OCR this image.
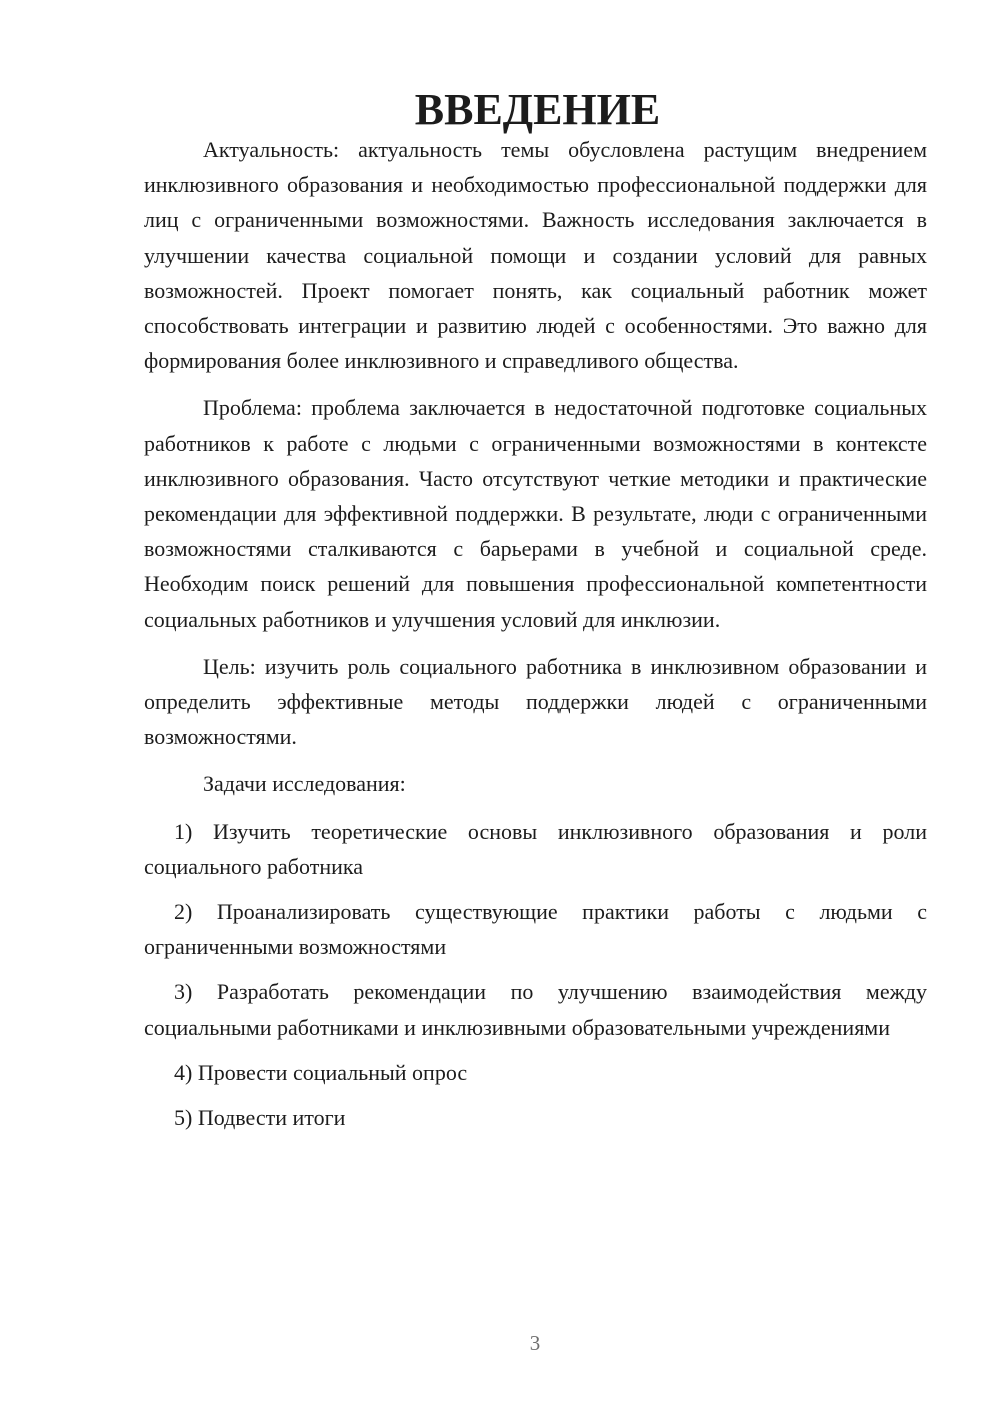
ВВЕДЕНИЕ

Актуальность: актуальность темы обусловлена растущим внедрением инклюзивного образования и необходимостью профессиональной поддержки для лиц с ограниченными возможностями. Важность исследования заключается в улучшении качества социальной помощи и создании условий для равных возможностей. Проект помогает понять, как социальный работник может способствовать интеграции и развитию людей с особенностями. Это важно для формирования более инклюзивного и справедливого общества.

Проблема: проблема заключается в недостаточной подготовке социальных работников к работе с людьми с ограниченными возможностями в контексте инклюзивного образования. Часто отсутствуют четкие методики и практические рекомендации для эффективной поддержки. В результате, люди с ограниченными возможностями сталкиваются с барьерами в учебной и социальной среде. Необходим поиск решений для повышения профессиональной компетентности социальных работников и улучшения условий для инклюзии.

Цель: изучить роль социального работника в инклюзивном образовании и определить эффективные методы поддержки людей с ограниченными возможностями.

Задачи исследования:

1) Изучить теоретические основы инклюзивного образования и роли социального работника

2) Проанализировать существующие практики работы с людьми с ограниченными возможностями

3) Разработать рекомендации по улучшению взаимодействия между социальными работниками и инклюзивными образовательными учреждениями

4) Провести социальный опрос

5) Подвести итоги

3
